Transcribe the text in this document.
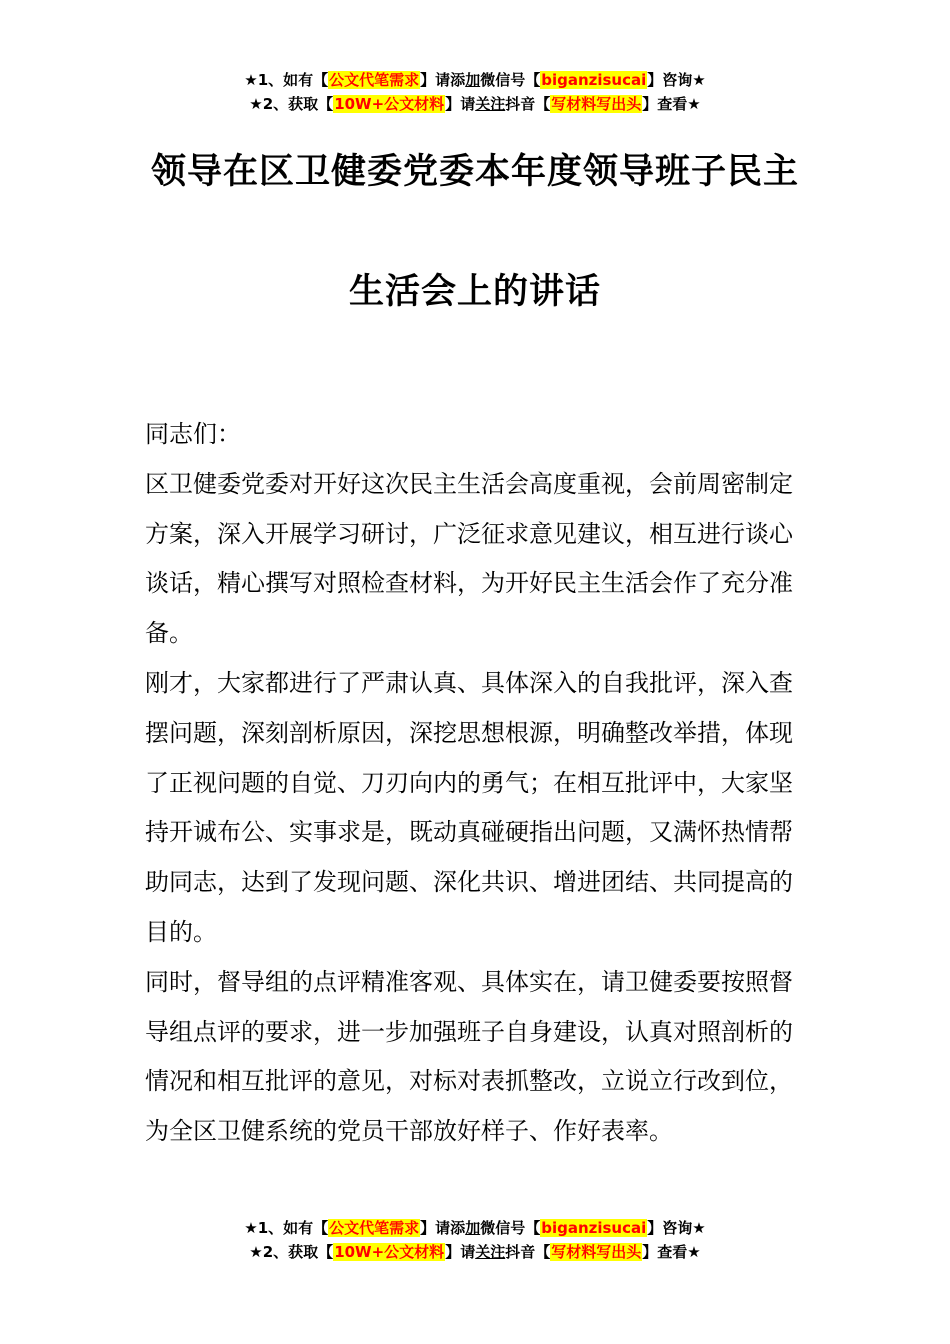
★1、如有【公文代笔需求】请添加微信号【biganzisucai】咨询★
★2、获取【10W+公文材料】请关注抖音【写材料写出头】查看★
领导在区卫健委党委本年度领导班子民主
生活会上的讲话

同志们：

区卫健委党委对开好这次民主生活会高度重视，会前周密制定方案，深入开展学习研讨，广泛征求意见建议，相互进行谈心谈话，精心撰写对照检查材料，为开好民主生活会作了充分准备。

刚才，大家都进行了严肃认真、具体深入的自我批评，深入查摆问题，深刻剖析原因，深挖思想根源，明确整改举措，体现了正视问题的自觉、刀刃向内的勇气；在相互批评中，大家坚持开诚布公、实事求是，既动真碰硬指出问题，又满怀热情帮助同志，达到了发现问题、深化共识、增进团结、共同提高的目的。

同时，督导组的点评精准客观、具体实在，请卫健委要按照督导组点评的要求，进一步加强班子自身建设，认真对照剖析的情况和相互批评的意见，对标对表抓整改，立说立行改到位，为全区卫健系统的党员干部放好样子、作好表率。

★1、如有【公文代笔需求】请添加微信号【biganzisucai】咨询★
★2、获取【10W+公文材料】请关注抖音【写材料写出头】查看★
